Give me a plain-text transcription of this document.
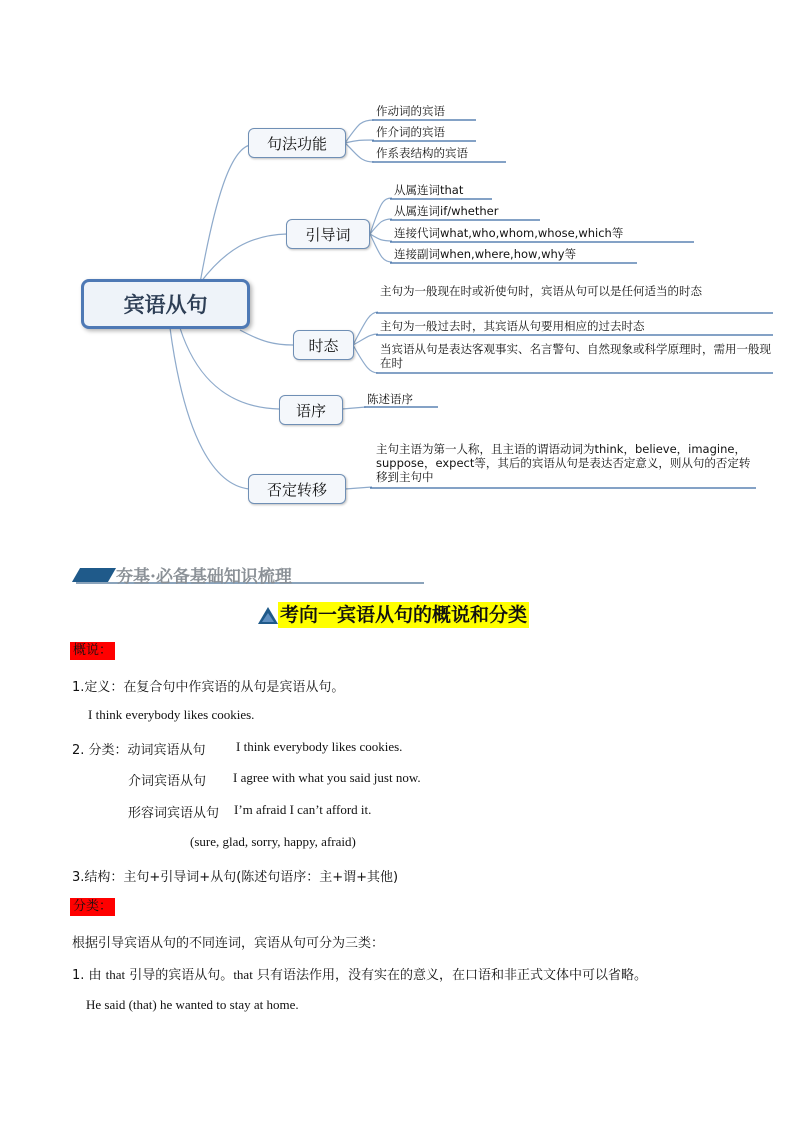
宾语从句
句法功能
引导词
时态
语序
否定转移
作动词的宾语
作介词的宾语
作系表结构的宾语
从属连词that
从属连词if/whether
连接代词what,who,whom,whose,which等
连接副词when,where,how,why等
主句为一般现在时或祈使句时，宾语从句可以是任何适当的时态
主句为一般过去时，其宾语从句要用相应的过去时态
当宾语从句是表达客观事实、名言警句、自然现象或科学原理时，需用一般现在时
陈述语序
主句主语为第一人称，且主语的谓语动词为think，believe，imagine，suppose，expect等，其后的宾语从句是表达否定意义，则从句的否定转移到主句中
夯基·必备基础知识梳理
考向一宾语从句的概说和分类
概说：
1.定义：在复合句中作宾语的从句是宾语从句。
I think everybody likes cookies.
2. 分类：动词宾语从句 I think everybody likes cookies.
介词宾语从句 I agree with what you said just now.
形容词宾语从句 I’m afraid I can’t afford it.
(sure, glad, sorry, happy, afraid)
3.结构：主句+引导词+从句(陈述句语序：主+谓+其他)
分类：
根据引导宾语从句的不同连词，宾语从句可分为三类：
1. 由 that 引导的宾语从句。that 只有语法作用，没有实在的意义，在口语和非正式文体中可以省略。
He said (that) he wanted to stay at home.
